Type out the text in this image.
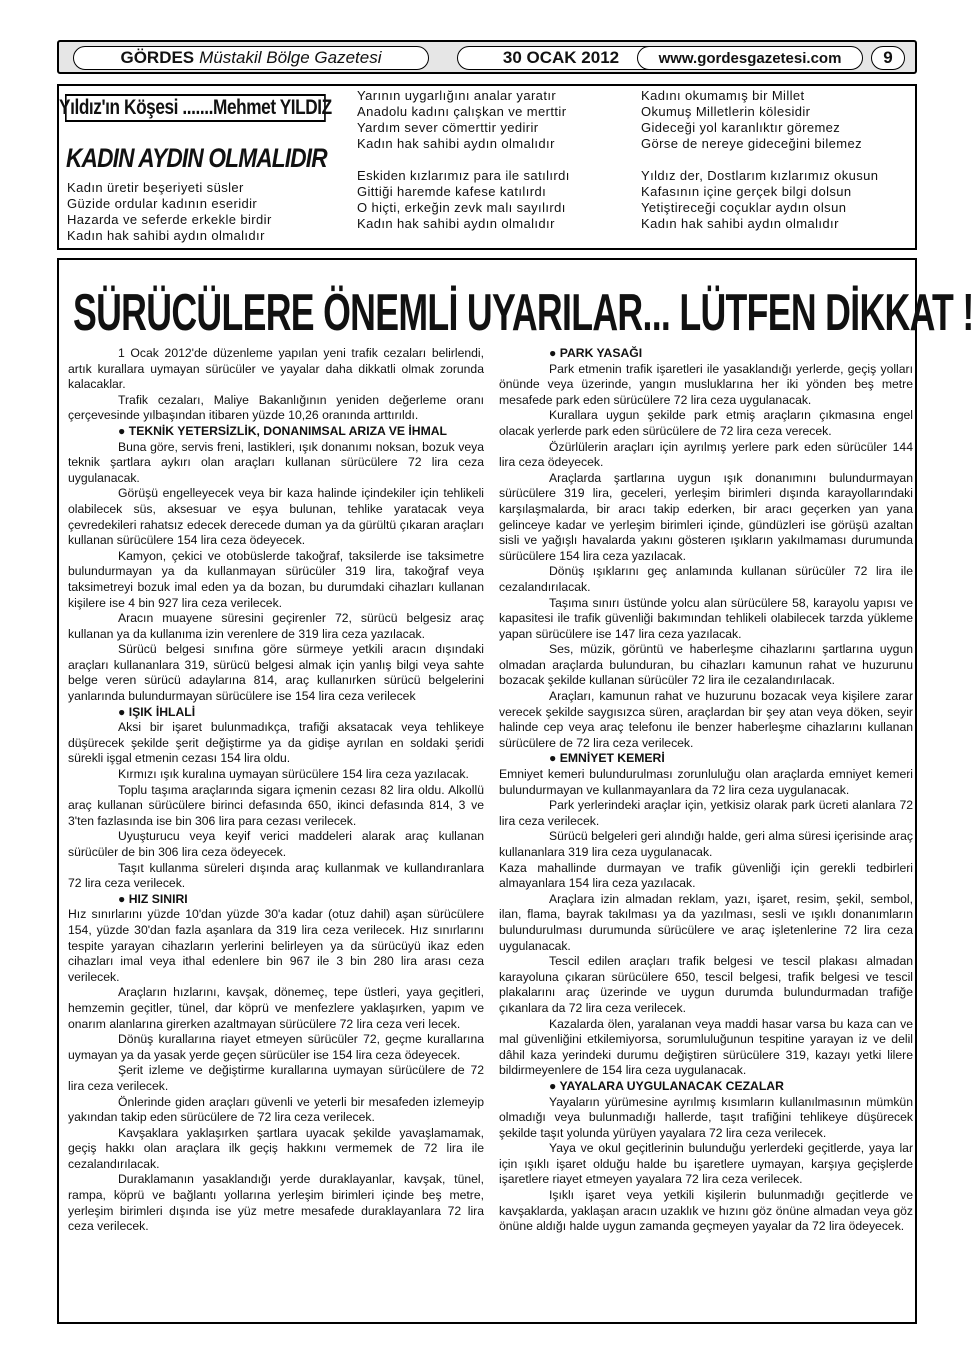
GÖRDES Müstakil Bölge Gazetesi	30 OCAK 2012	www.gordesgazetesi.com	9
Yıldız'ın Köşesi .......Mehmet YILDIZ
KADIN AYDIN OLMALIDIR
Kadın üretir beşeriyeti süsler
Güzide ordular kadının eseridir
Hazarda ve seferde erkekle birdir
Kadın hak sahibi aydın olmalıdır
Yarının uygarlığını analar yaratır
Anadolu kadını çalışkan ve merttir
Yardım sever cömerttir yedirir
Kadın hak sahibi aydın olmalıdır
Eskiden kızlarımız para ile satılırdı
Gittiği haremde kafese katılırdı
O hiçti, erkeğin zevk malı sayılırdı
Kadın hak sahibi aydın olmalıdır
Kadını okumamış bir Millet
Okumuş Milletlerin kölesidir
Gideceği yol karanlıktır göremez
Görse de nereye gideceğini bilemez
Yıldız der, Dostlarım kızlarımız okusun
Kafasının içine gerçek bilgi dolsun
Yetiştireceği coçuklar aydın olsun
Kadın hak sahibi aydın olmalıdır
SÜRÜCÜLERE ÖNEMLİ UYARILAR... LÜTFEN DİKKAT !

1 Ocak 2012'de düzenleme yapılan yeni trafik cezaları belirlendi, artık kurallara uymayan sürücüler ve yayalar daha dikkatli olmak zorunda kalacaklar.

Trafik cezaları, Maliye Bakanlığının yeniden değerleme oranı çerçevesinde yılbaşından itibaren yüzde 10,26 oranında arttırıldı.

● TEKNİK YETERSİZLİK, DONANIMSAL ARIZA VE İHMAL

Buna göre, servis freni, lastikleri, ışık donanımı noksan, bozuk veya teknik şartlara aykırı olan araçları kullanan sürücülere 72 lira ceza uygulanacak.

Görüşü engelleyecek veya bir kaza halinde içindekiler için tehlikeli olabilecek süs, aksesuar ve eşya bulunan, tehlike yaratacak veya çevredekileri rahatsız edecek derecede duman ya da gürültü çıkaran araçları kullanan sürücülere 154 lira ceza ödeyecek.

Kamyon, çekici ve otobüslerde takoğraf, taksilerde ise taksimetre bulundurmayan ya da kullanmayan sürücüler 319 lira, takoğraf veya taksimetreyi bozuk imal eden ya da bozan, bu durumdaki cihazları kullanan kişilere ise 4 bin 927 lira ceza verilecek.

Aracın muayene süresini geçirenler 72, sürücü belgesiz araç kullanan ya da kullanıma izin verenlere de 319 lira ceza yazılacak.

Sürücü belgesi sınıfına göre sürmeye yetkili aracın dışındaki araçları kullananlara 319, sürücü belgesi almak için yanlış bilgi veya sahte belge veren sürücü adaylarına 814, araç kullanırken sürücü belgelerini yanlarında bulundurmayan sürücülere ise 154 lira ceza verilecek

● IŞIK İHLALİ

Aksi bir işaret bulunmadıkça, trafiği aksatacak veya tehlikeye düşürecek şekilde şerit değiştirme ya da gidişe ayrılan en soldaki şeridi sürekli işgal etmenin cezası 154 lira oldu.

Kırmızı ışık kuralına uymayan sürücülere 154 lira ceza yazılacak.

Toplu taşıma araçlarında sigara içmenin cezası 82 lira oldu. Alkollü araç kullanan sürücülere birinci defasında 650, ikinci defasında 814, 3 ve 3'ten fazlasında ise bin 306 lira para cezası verilecek.

Uyuşturucu veya keyif verici maddeleri alarak araç kullanan sürücüler de bin 306 lira ceza ödeyecek.

Taşıt kullanma süreleri dışında araç kullanmak ve kullandıranlara 72 lira ceza verilecek.

● HIZ SINIRI

Hız sınırlarını yüzde 10'dan yüzde 30'a kadar (otuz dahil) aşan sürücülere 154, yüzde 30'dan fazla aşanlara da 319 lira ceza verilecek. Hız sınırlarını tespite yarayan cihazların yerlerini belirleyen ya da sürücüyü ikaz eden cihazları imal veya ithal edenlere bin 967 ile 3 bin 280 lira arası ceza verilecek.

Araçların hızlarını, kavşak, dönemeç, tepe üstleri, yaya geçitleri, hemzemin geçitler, tünel, dar köprü ve menfezlere yaklaşırken, yapım ve onarım alanlarına girerken azaltmayan sürücülere 72 lira ceza veri lecek.

Dönüş kurallarına riayet etmeyen sürücüler 72, geçme kurallarına uymayan ya da yasak yerde geçen sürücüler ise 154 lira ceza ödeyecek.

Şerit izleme ve değiştirme kurallarına uymayan sürücülere de 72 lira ceza verilecek.

Önlerinde giden araçları güvenli ve yeterli bir mesafeden izlemeyip yakından takip eden sürücülere de 72 lira ceza verilecek.

Kavşaklara yaklaşırken şartlara uyacak şekilde yavaşlamamak, geçiş hakkı olan araçlara ilk geçiş hakkını vermemek de 72 lira ile cezalandırılacak.

Duraklamanın yasaklandığı yerde duraklayanlar, kavşak, tünel, rampa, köprü ve bağlantı yollarına yerleşim birimleri içinde beş metre, yerleşim birimleri dışında ise yüz metre mesafede duraklayanlara 72 lira ceza verilecek.

● PARK YASAĞI

Park etmenin trafik işaretleri ile yasaklandığı yerlerde, geçiş yolları önünde veya üzerinde, yangın musluklarına her iki yönden beş metre mesafede park eden sürücülere 72 lira ceza uygulanacak.

Kurallara uygun şekilde park etmiş araçların çıkmasına engel olacak yerlerde park eden sürücülere de 72 lira ceza verecek.

Özürlülerin araçları için ayrılmış yerlere park eden sürücüler 144 lira ceza ödeyecek.

Araçlarda şartlarına uygun ışık donanımını bulundurmayan sürücülere 319 lira, geceleri, yerleşim birimleri dışında karayollarındaki karşılaşmalarda, bir aracı takip ederken, bir aracı geçerken yan yana gelinceye kadar ve yerleşim birimleri içinde, gündüzleri ise görüşü azaltan sisli ve yağışlı havalarda yakını gösteren ışıkların yakılmaması durumunda sürücülere 154 lira ceza yazılacak.

Dönüş ışıklarını geç anlamında kullanan sürücüler 72 lira ile cezalandırılacak.

Taşıma sınırı üstünde yolcu alan sürücülere 58, karayolu yapısı ve kapasitesi ile trafik güvenliği bakımından tehlikeli olabilecek tarzda yükleme yapan sürücülere ise 147 lira ceza yazılacak.

Ses, müzik, görüntü ve haberleşme cihazlarını şartlarına uygun olmadan araçlarda bulunduran, bu cihazları kamunun rahat ve huzurunu bozacak şekilde kullanan sürücüler 72 lira ile cezalandırılacak.

Araçları, kamunun rahat ve huzurunu bozacak veya kişilere zarar verecek şekilde saygısızca süren, araçlardan bir şey atan veya döken, seyir halinde cep veya araç telefonu ile benzer haberleşme cihazlarını kullanan sürücülere de 72 lira ceza verilecek.

● EMNİYET KEMERİ

Emniyet kemeri bulundurulması zorunluluğu olan araçlarda emniyet kemeri bulundurmayan ve kullanmayanlara da 72 lira ceza uygulanacak.

Park yerlerindeki araçlar için, yetkisiz olarak park ücreti alanlara 72 lira ceza verilecek.

Sürücü belgeleri geri alındığı halde, geri alma süresi içerisinde araç kullananlara 319 lira ceza uygulanacak.

Kaza mahallinde durmayan ve trafik güvenliği için gerekli tedbirleri almayanlara 154 lira ceza yazılacak.

Araçlara izin almadan reklam, yazı, işaret, resim, şekil, sembol, ilan, flama, bayrak takılması ya da yazılması, sesli ve ışıklı donanımların bulundurulması durumunda sürücülere ve araç işletenlerine 72 lira ceza uygulanacak.

Tescil edilen araçları trafik belgesi ve tescil plakası almadan karayoluna çıkaran sürücülere 650, tescil belgesi, trafik belgesi ve tescil plakalarını araç üzerinde ve uygun durumda bulundurmadan trafiğe çıkanlara da 72 lira ceza verilecek.

Kazalarda ölen, yaralanan veya maddi hasar varsa bu kaza can ve mal güvenliğini etkilemiyorsa, sorumluluğunun tespitine yarayan iz ve delil dâhil kaza yerindeki durumu değiştiren sürücülere 319, kazayı yetki lilere bildirmeyenlere de 154 lira ceza uygulanacak.

● YAYALARA UYGULANACAK CEZALAR

Yayaların yürümesine ayrılmış kısımların kullanılmasının mümkün olmadığı veya bulunmadığı hallerde, taşıt trafiğini tehlikeye düşürecek şekilde taşıt yolunda yürüyen yayalara 72 lira ceza verilecek.

Yaya ve okul geçitlerinin bulunduğu yerlerdeki geçitlerde, yaya lar için ışıklı işaret olduğu halde bu işaretlere uymayan, karşıya geçişlerde işaretlere riayet etmeyen yayalara 72 lira ceza verilecek.

Işıklı işaret veya yetkili kişilerin bulunmadığı geçitlerde ve kavşaklarda, yaklaşan aracın uzaklık ve hızını göz önüne almadan veya göz önüne aldığı halde uygun zamanda geçmeyen yayalar da 72 lira ödeyecek.
